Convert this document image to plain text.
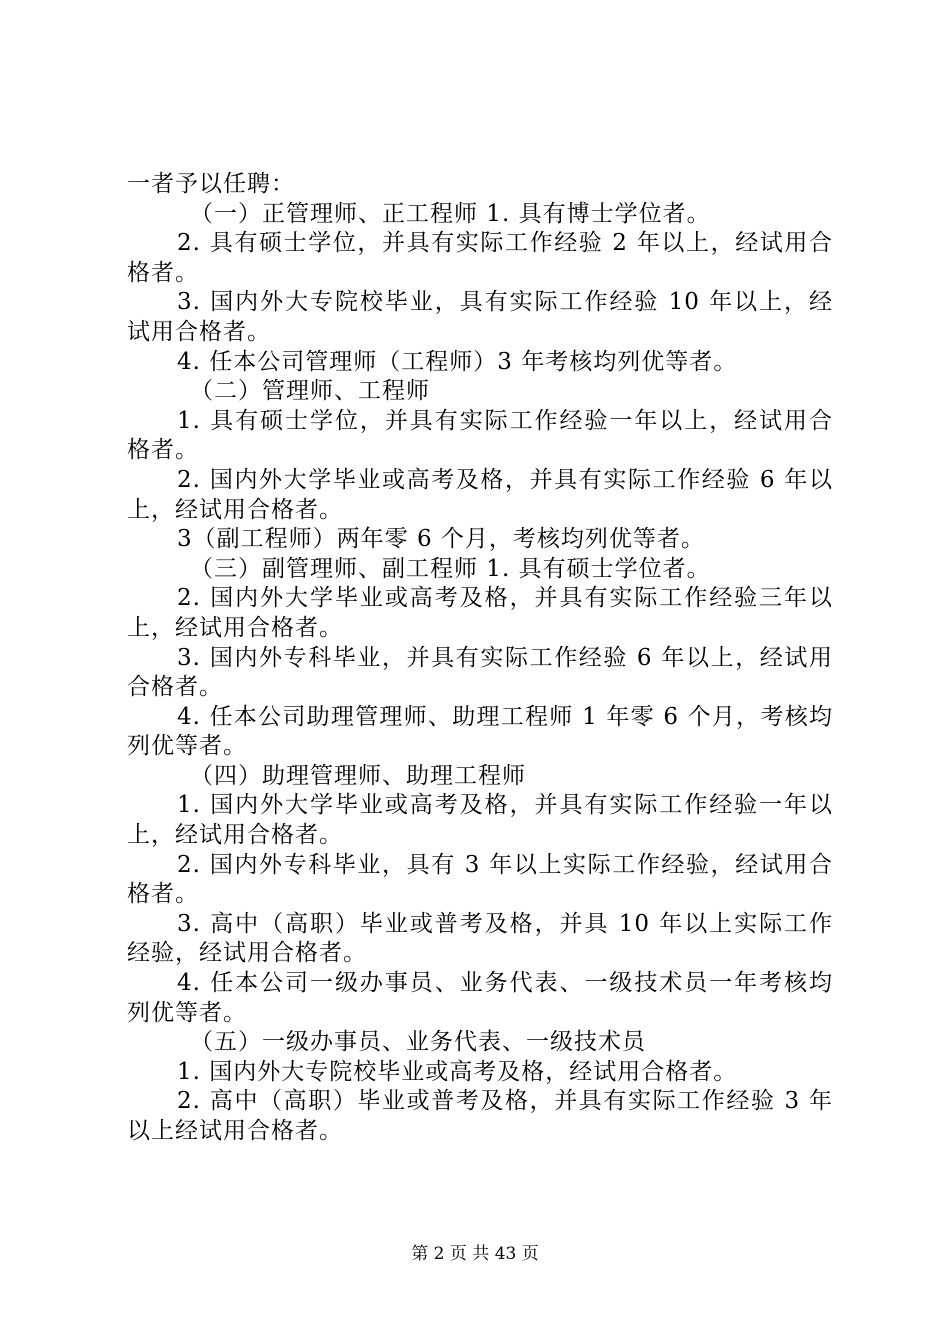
一者予以任聘：

（一）正管理师、正工程师 1. 具有博士学位者。

2. 具有硕士学位，并具有实际工作经验 2 年以上，经试用合格者。

3. 国内外大专院校毕业，具有实际工作经验 10 年以上，经试用合格者。

4. 任本公司管理师（工程师）3 年考核均列优等者。

（二）管理师、工程师

1. 具有硕士学位，并具有实际工作经验一年以上，经试用合格者。

2. 国内外大学毕业或高考及格，并具有实际工作经验 6 年以上，经试用合格者。

3（副工程师）两年零 6 个月，考核均列优等者。

（三）副管理师、副工程师 1. 具有硕士学位者。

2. 国内外大学毕业或高考及格，并具有实际工作经验三年以上，经试用合格者。

3. 国内外专科毕业，并具有实际工作经验 6 年以上，经试用合格者。

4. 任本公司助理管理师、助理工程师 1 年零 6 个月，考核均列优等者。

（四）助理管理师、助理工程师

1. 国内外大学毕业或高考及格，并具有实际工作经验一年以上，经试用合格者。

2. 国内外专科毕业，具有 3 年以上实际工作经验，经试用合格者。

3. 高中（高职）毕业或普考及格，并具 10 年以上实际工作经验，经试用合格者。

4. 任本公司一级办事员、业务代表、一级技术员一年考核均列优等者。

（五）一级办事员、业务代表、一级技术员

1. 国内外大专院校毕业或高考及格，经试用合格者。

2. 高中（高职）毕业或普考及格，并具有实际工作经验 3 年以上经试用合格者。

第 2 页 共 43 页
